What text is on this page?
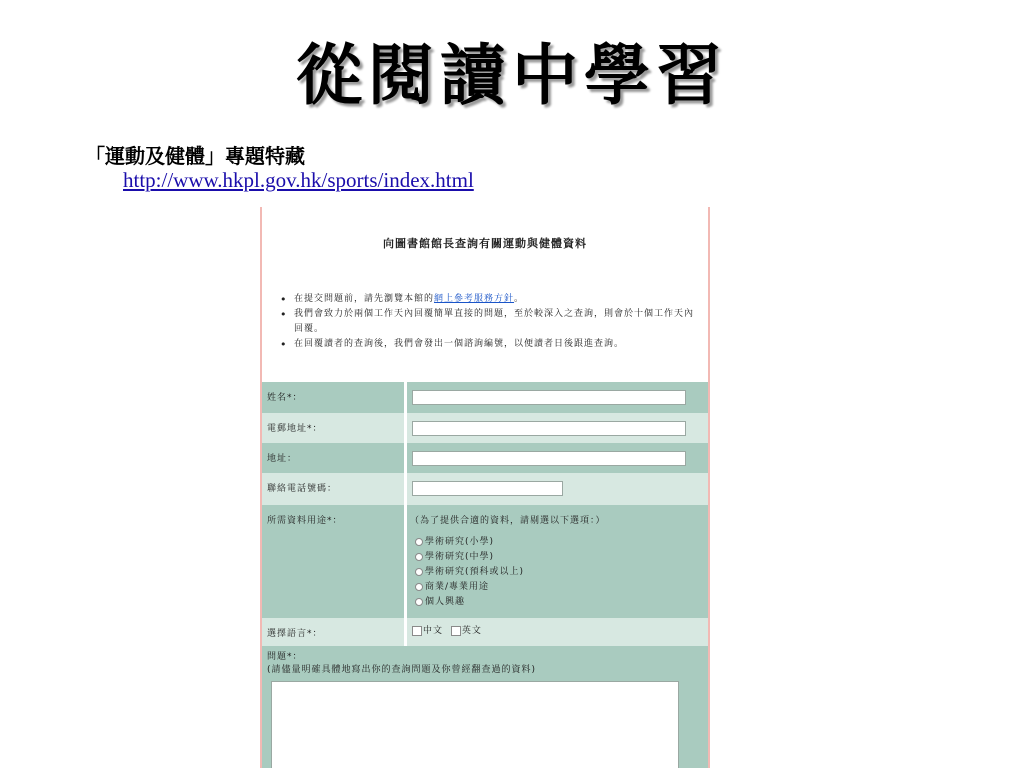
從閱讀中學習
「運動及健體」專題特藏
http://www.hkpl.gov.hk/sports/index.html
向圖書館館長查詢有關運動與健體資料
• 在提交問題前，請先瀏覽本館的網上參考服務方針。
• 我們會致力於兩個工作天內回覆簡單直接的問題，至於較深入之查詢，則會於十個工作天內回覆。
• 在回覆讀者的查詢後，我們會發出一個諮詢編號，以便讀者日後跟進查詢。
姓名*：
電郵地址*：
地址：
聯絡電話號碼：
所需資料用途*：	（為了提供合適的資料，請剔選以下選項：）
學術研究(小學)
學術研究(中學)
學術研究(預科或以上)
商業/專業用途
個人興趣
選擇語言*：	中文 英文
問題*：
(請儘量明確具體地寫出你的查詢問題及你曾經翻查過的資料)
